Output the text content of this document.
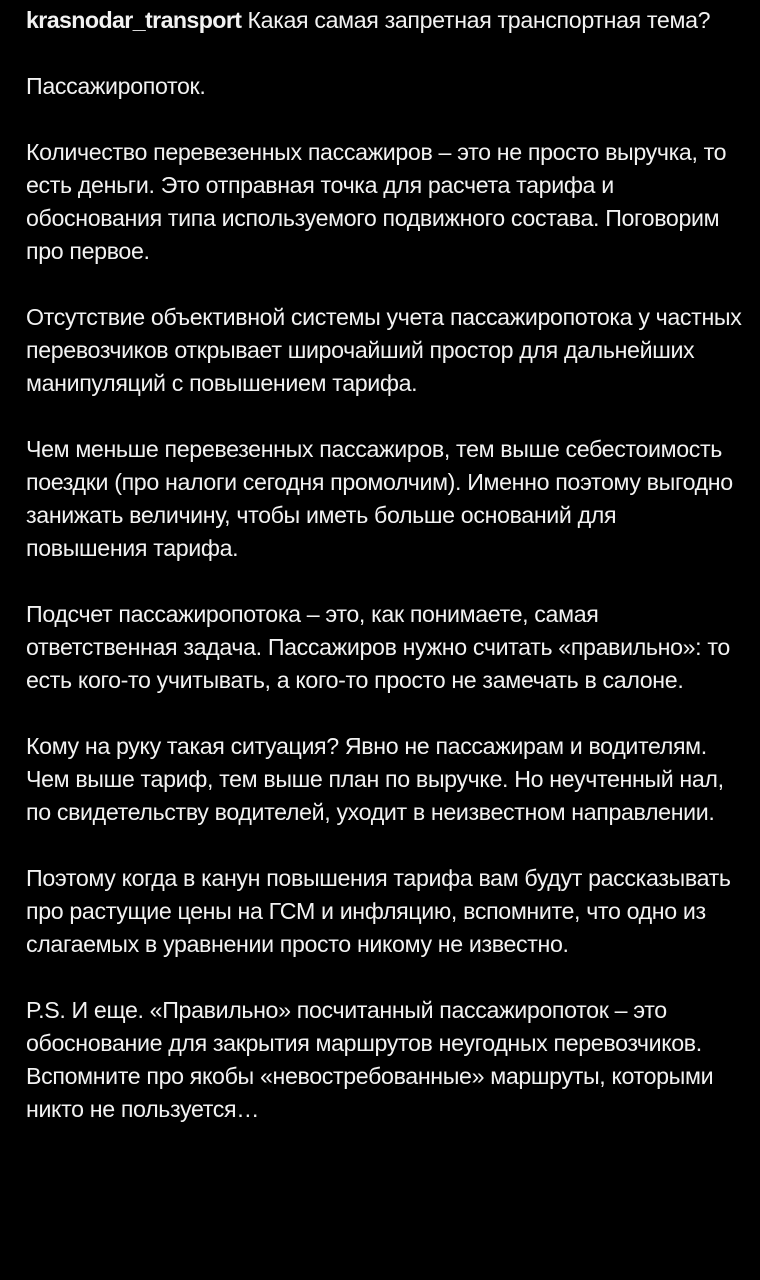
krasnodar_transport Какая самая запретная транспортная тема?

Пассажиропоток.

Количество перевезенных пассажиров – это не просто выручка, то есть деньги. Это отправная точка для расчета тарифа и обоснования типа используемого подвижного состава. Поговорим про первое.

Отсутствие объективной системы учета пассажиропотока у частных перевозчиков открывает широчайший простор для дальнейших манипуляций с повышением тарифа.

Чем меньше перевезенных пассажиров, тем выше себестоимость поездки (про налоги сегодня промолчим). Именно поэтому выгодно занижать величину, чтобы иметь больше оснований для повышения тарифа.

Подсчет пассажиропотока – это, как понимаете, самая ответственная задача. Пассажиров нужно считать «правильно»: то есть кого-то учитывать, а кого-то просто не замечать в салоне.

Кому на руку такая ситуация? Явно не пассажирам и водителям. Чем выше тариф, тем выше план по выручке. Но неучтенный нал, по свидетельству водителей, уходит в неизвестном направлении.

Поэтому когда в канун повышения тарифа вам будут рассказывать про растущие цены на ГСМ и инфляцию, вспомните, что одно из слагаемых в уравнении просто никому не известно.

P.S. И еще. «Правильно» посчитанный пассажиропоток – это обоснование для закрытия маршрутов неугодных перевозчиков. Вспомните про якобы «невостребованные» маршруты, которыми никто не пользуется…
